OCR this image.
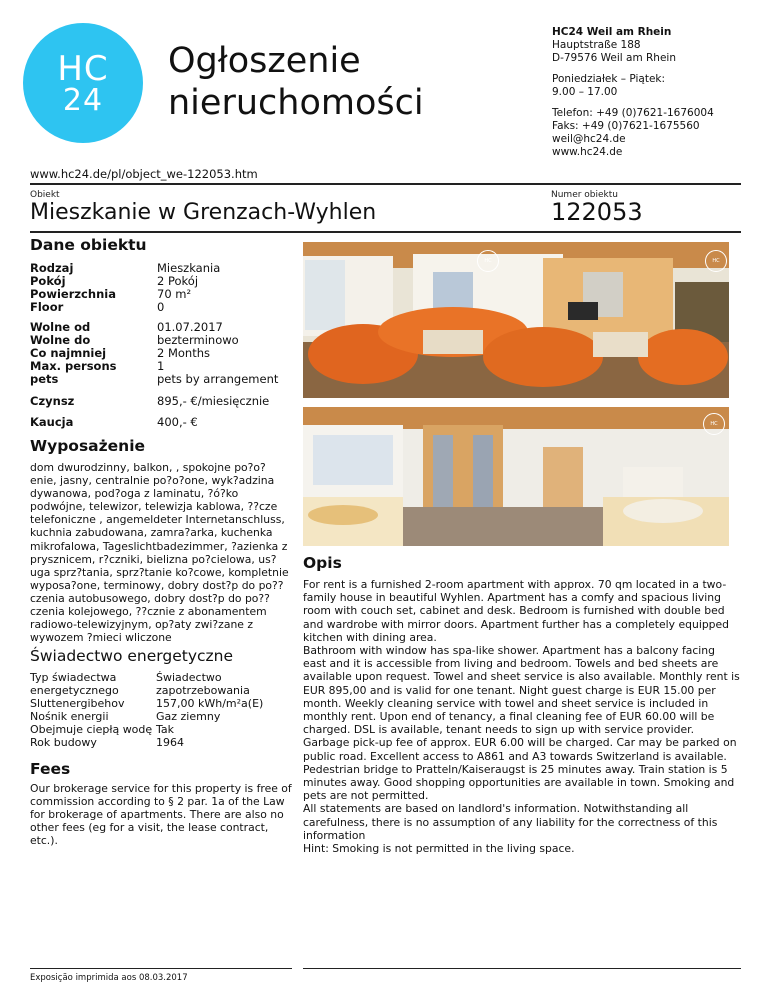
HC
24
Ogłoszenie
nieruchomości
HC24 Weil am Rhein
Hauptstraße 188
D-79576 Weil am Rhein
Poniedziałek – Piątek:
9.00 – 17.00
Telefon: +49 (0)7621-1676004
Faks: +49 (0)7621-1675560
weil@hc24.de
www.hc24.de
www.hc24.de/pl/object_we-122053.htm
Obiekt	Numer obiektu
Mieszkanie w Grenzach-Wyhlen	122053
Dane obiektu
Rodzaj	Mieszkania
Pokój	2 Pokój
Powierzchnia	70 m²
Floor	0
Wolne od	01.07.2017
Wolne do	bezterminowo
Co najmniej	2 Months
Max. persons	1
pets	pets by arrangement
Czynsz	895,- €/miesięcznie
Kaucja	400,- €
Wyposażenie
dom dwurodzinny, balkon, , spokojne po?o?enie, jasny, centralnie po?o?one, wyk?adzina dywanowa, pod?oga z laminatu, ?ó?ko podwójne, telewizor, telewizja kablowa, ??cze telefoniczne , angemeldeter Internetanschluss, kuchnia zabudowana, zamra?arka, kuchenka mikrofalowa, Tageslichtbadezimmer, ?azienka z prysznicem, r?czniki, bielizna po?cielowa, us?uga sprz?tania, sprz?tanie ko?cowe, kompletnie wyposa?one, terminowy, dobry dost?p do po??czenia autobusowego, dobry dost?p do po??czenia kolejowego, ??cznie z abonamentem radiowo-telewizyjnym, op?aty zwi?zane z wywozem ?mieci wliczone
Świadectwo energetyczne
Typ świadectwa	Świadectwo
energetycznego	zapotrzebowania
Sluttenergibehov	157,00 kWh/m²a(E)
Nośnik energii	Gaz ziemny
Obejmuje ciepłą wodę Tak
Rok budowy	1964
Fees
Our brokerage service for this property is free of commission according to § 2 par. 1a of the Law for brokerage of apartments. There are also no other fees (eg for a visit, the lease contract, etc.).
HC	HC
HC
Opis

For rent is a furnished 2-room apartment with approx. 70 qm located in a two-family house in beautiful Wyhlen. Apartment has a comfy and spacious living room with couch set, cabinet and desk. Bedroom is furnished with double bed and wardrobe with mirror doors. Apartment further has a completely equipped kitchen with dining area.

Bathroom with window has spa-like shower. Apartment has a balcony facing east and it is accessible from living and bedroom. Towels and bed sheets are available upon request. Towel and sheet service is also available. Monthly rent is EUR 895,00 and is valid for one tenant. Night guest charge is EUR 15.00 per month. Weekly cleaning service with towel and sheet service is included in monthly rent. Upon end of tenancy, a final cleaning fee of EUR 60.00 will be charged. DSL is available, tenant needs to sign up with service provider. Garbage pick-up fee of approx. EUR 6.00 will be charged. Car may be parked on public road. Excellent access to A861 and A3 towards Switzerland is available. Pedestrian bridge to Pratteln/Kaiseraugst is 25 minutes away. Train station is 5 minutes away. Good shopping opportunities are available in town. Smoking and pets are not permitted.

All statements are based on landlord's information. Notwithstanding all carefulness, there is no assumption of any liability for the correctness of this information

Hint: Smoking is not permitted in the living space.

Exposição imprimida aos 08.03.2017
